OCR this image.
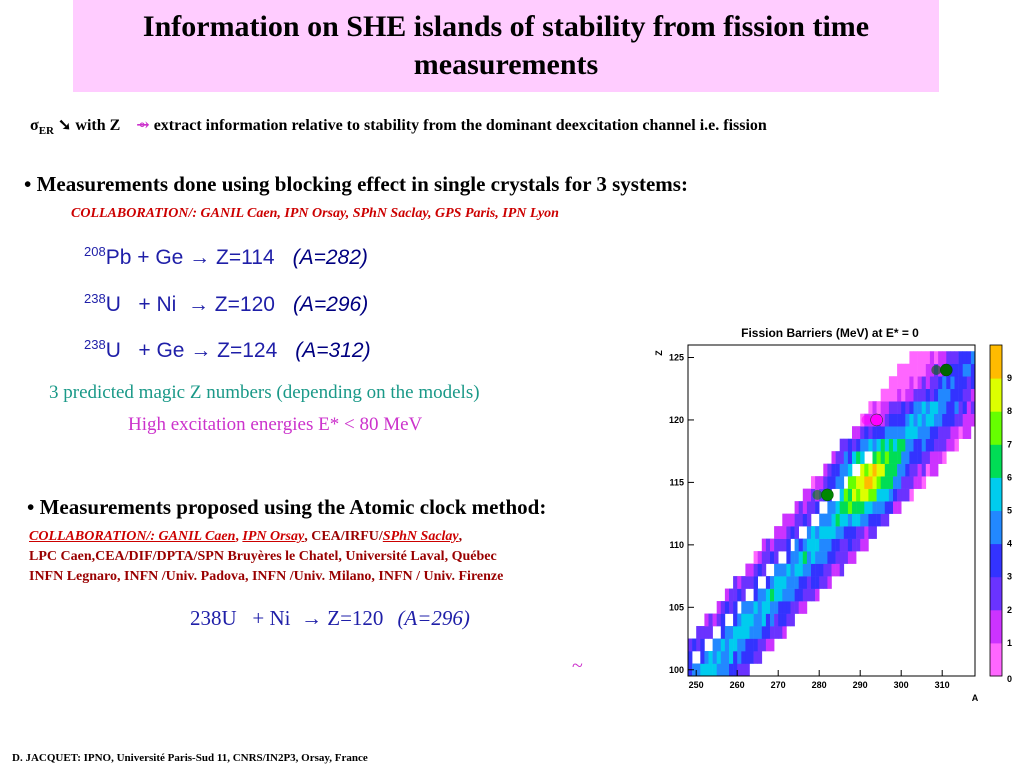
Information on SHE islands of stability from fission time measurements
$\sigma_{ER}$ ➘ with Z ⇴ extract information relative to stability from the dominant deexcitation channel i.e. fission
• Measurements done using blocking effect in single crystals for 3 systems:
COLLABORATION/: GANIL Caen, IPN Orsay, SPhN Saclay, GPS Paris, IPN Lyon
$^{208}$Pb + Ge → Z=114 (A=282)
$^{238}$U   + Ni  → Z=120 (A=296)
$^{238}$U   + Ge → Z=124 (A=312)
3 predicted magic Z numbers (depending on the models)
High excitation energies E* < 80 MeV
• Measurements proposed using the Atomic clock method:
COLLABORATION/: GANIL Caen, IPN Orsay, CEA/IRFU/SPhN Saclay,
LPC Caen,CEA/DIF/DPTA/SPN Bruyères le Chatel, Université Laval, Québec
INFN Legnaro, INFN /Univ. Padova, INFN /Univ. Milano, INFN / Univ. Firenze
238U   + Ni  → Z=120 (A=296)
~
Fission Barriers (MeV) at E* = 0
250	260	270	280	290	300	310
100
105
110
115
120
125
A
Z
0
1
2
3
4
5
6
7
8
9
D. JACQUET: IPNO, Université Paris-Sud 11, CNRS/IN2P3, Orsay, France
